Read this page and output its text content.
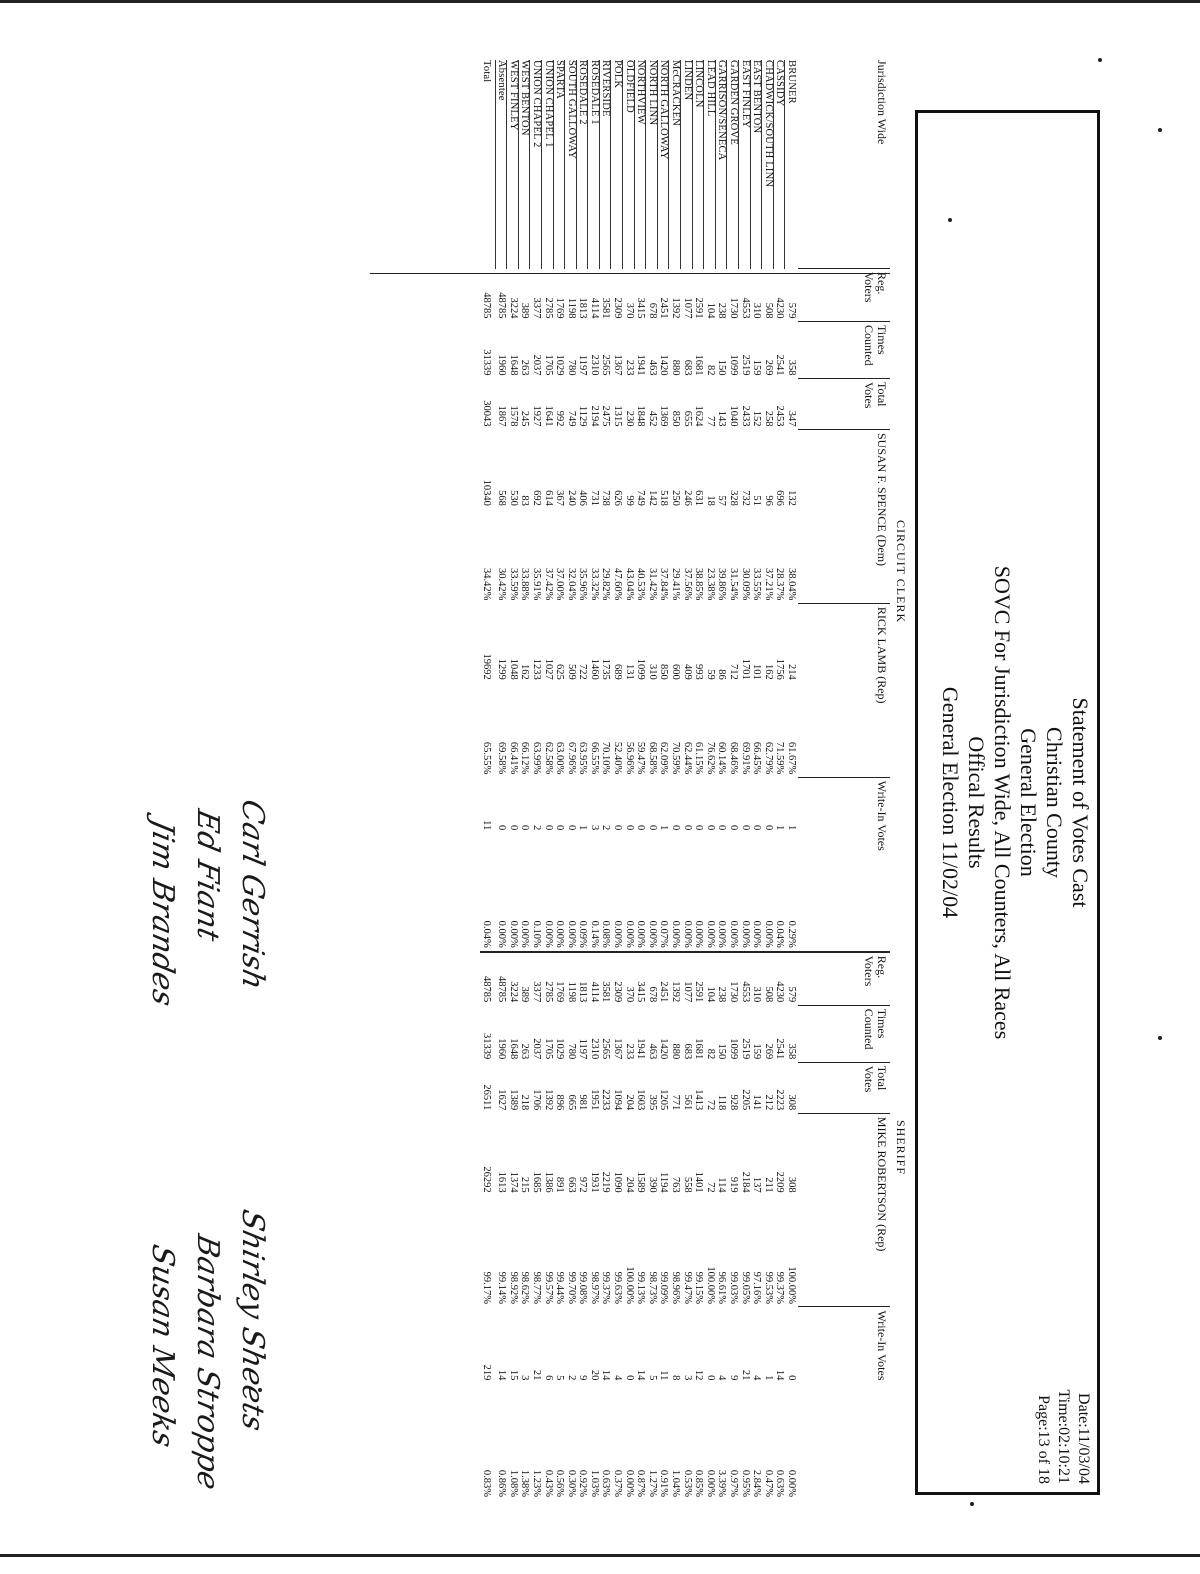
Statement of Votes Cast
Christian County
General Election
SOVC For Jurisdiction Wide, All Counters, All Races
Offical Results
General Election 11/02/04
Date:11/03/04
Time:02:10:21
Page:13 of 18
CIRCUIT CLERK
SHERIFF
Jurisdiction Wide	Reg. Voters	Times Counted	Total Votes	SUSAN F. SPENCE (Dem)		RICK LAMB (Rep)		Write-In Votes		Reg. Voters	Times Counted	Total Votes	MIKE ROBERTSON (Rep)		Write-In Votes	
BRUNER	579	358	347	132	38.04%	214	61.67%	1	0.29%	579	358	308	308	100.00%	0	0.00%
CASSIDY	4230	2541	2453	696	28.37%	1756	71.59%	1	0.04%	4230	2541	2223	2209	99.37%	14	0.63%
CHADWICK/SOUTH LINN	508	269	258	96	37.21%	162	62.79%	0	0.00%	508	269	212	211	99.53%	1	0.47%
EAST BENTON	310	159	152	51	33.55%	101	66.45%	0	0.00%	310	159	141	137	97.16%	4	2.84%
EAST FINLEY	4553	2519	2433	732	30.09%	1701	69.91%	0	0.00%	4553	2519	2205	2184	99.05%	21	0.95%
GARDEN GROVE	1730	1099	1040	328	31.54%	712	68.46%	0	0.00%	1730	1099	928	919	99.03%	9	0.97%
GARRISON/SENECA	238	150	143	57	39.86%	86	60.14%	0	0.00%	238	150	118	114	96.61%	4	3.39%
LEAD HILL	104	82	77	18	23.38%	59	76.62%	0	0.00%	104	82	72	72	100.00%	0	0.00%
LINCOLN	2591	1681	1624	631	38.85%	993	61.15%	0	0.00%	2591	1681	1413	1401	99.15%	12	0.85%
LINDEN	1077	683	655	246	37.56%	409	62.44%	0	0.00%	1077	683	561	558	99.47%	3	0.53%
McCRACKEN	1392	880	850	250	29.41%	600	70.59%	0	0.00%	1392	880	771	763	98.96%	8	1.04%
NORTH GALLOWAY	2451	1420	1369	518	37.84%	850	62.09%	1	0.07%	2451	1420	1205	1194	99.09%	11	0.91%
NORTH LINN	678	463	452	142	31.42%	310	68.58%	0	0.00%	678	463	395	390	98.73%	5	1.27%
NORTHVIEW	3415	1941	1848	749	40.53%	1099	59.47%	0	0.00%	3415	1941	1603	1589	99.13%	14	0.87%
OLDFIELD	370	233	230	99	43.04%	131	56.96%	0	0.00%	370	233	204	204	100.00%	0	0.00%
POLK	2309	1367	1315	626	47.60%	689	52.40%	0	0.00%	2309	1367	1094	1090	99.63%	4	0.37%
RIVERSIDE	3581	2565	2475	738	29.82%	1735	70.10%	2	0.08%	3581	2565	2233	2219	99.37%	14	0.63%
ROSEDALE 1	4114	2310	2194	731	33.32%	1460	66.55%	3	0.14%	4114	2310	1951	1931	98.97%	20	1.03%
ROSEDALE 2	1813	1197	1129	406	35.96%	722	63.95%	1	0.09%	1813	1197	981	972	99.08%	9	0.92%
SOUTH GALLOWAY	1198	780	749	240	32.04%	509	67.96%	0	0.00%	1198	780	665	663	99.70%	2	0.30%
SPARTA	1769	1029	992	367	37.00%	625	63.00%	0	0.00%	1769	1029	896	891	99.44%	5	0.56%
UNION CHAPEL 1	2785	1705	1641	614	37.42%	1027	62.58%	0	0.00%	2785	1705	1392	1386	99.57%	6	0.43%
UNION CHAPEL 2	3377	2037	1927	692	35.91%	1233	63.99%	2	0.10%	3377	2037	1706	1685	98.77%	21	1.23%
WEST BENTON	389	263	245	83	33.88%	162	66.12%	0	0.00%	389	263	218	215	98.62%	3	1.38%
WEST FINLEY	3224	1648	1578	530	33.59%	1048	66.41%	0	0.00%	3224	1648	1389	1374	98.92%	15	1.08%
Absentee	48785	1960	1867	568	30.42%	1299	69.58%	0	0.00%	48785	1960	1627	1613	99.14%	14	0.86%
Total	48785	31339	30043	10340	34.42%	19692	65.55%	11	0.04%	48785	31339	26511	26292	99.17%	219	0.83%
Shirley Sheets
Barbara Stroppe
Susan Meeks
Carl Gerrish
Ed Fiant
Jim Brandes
